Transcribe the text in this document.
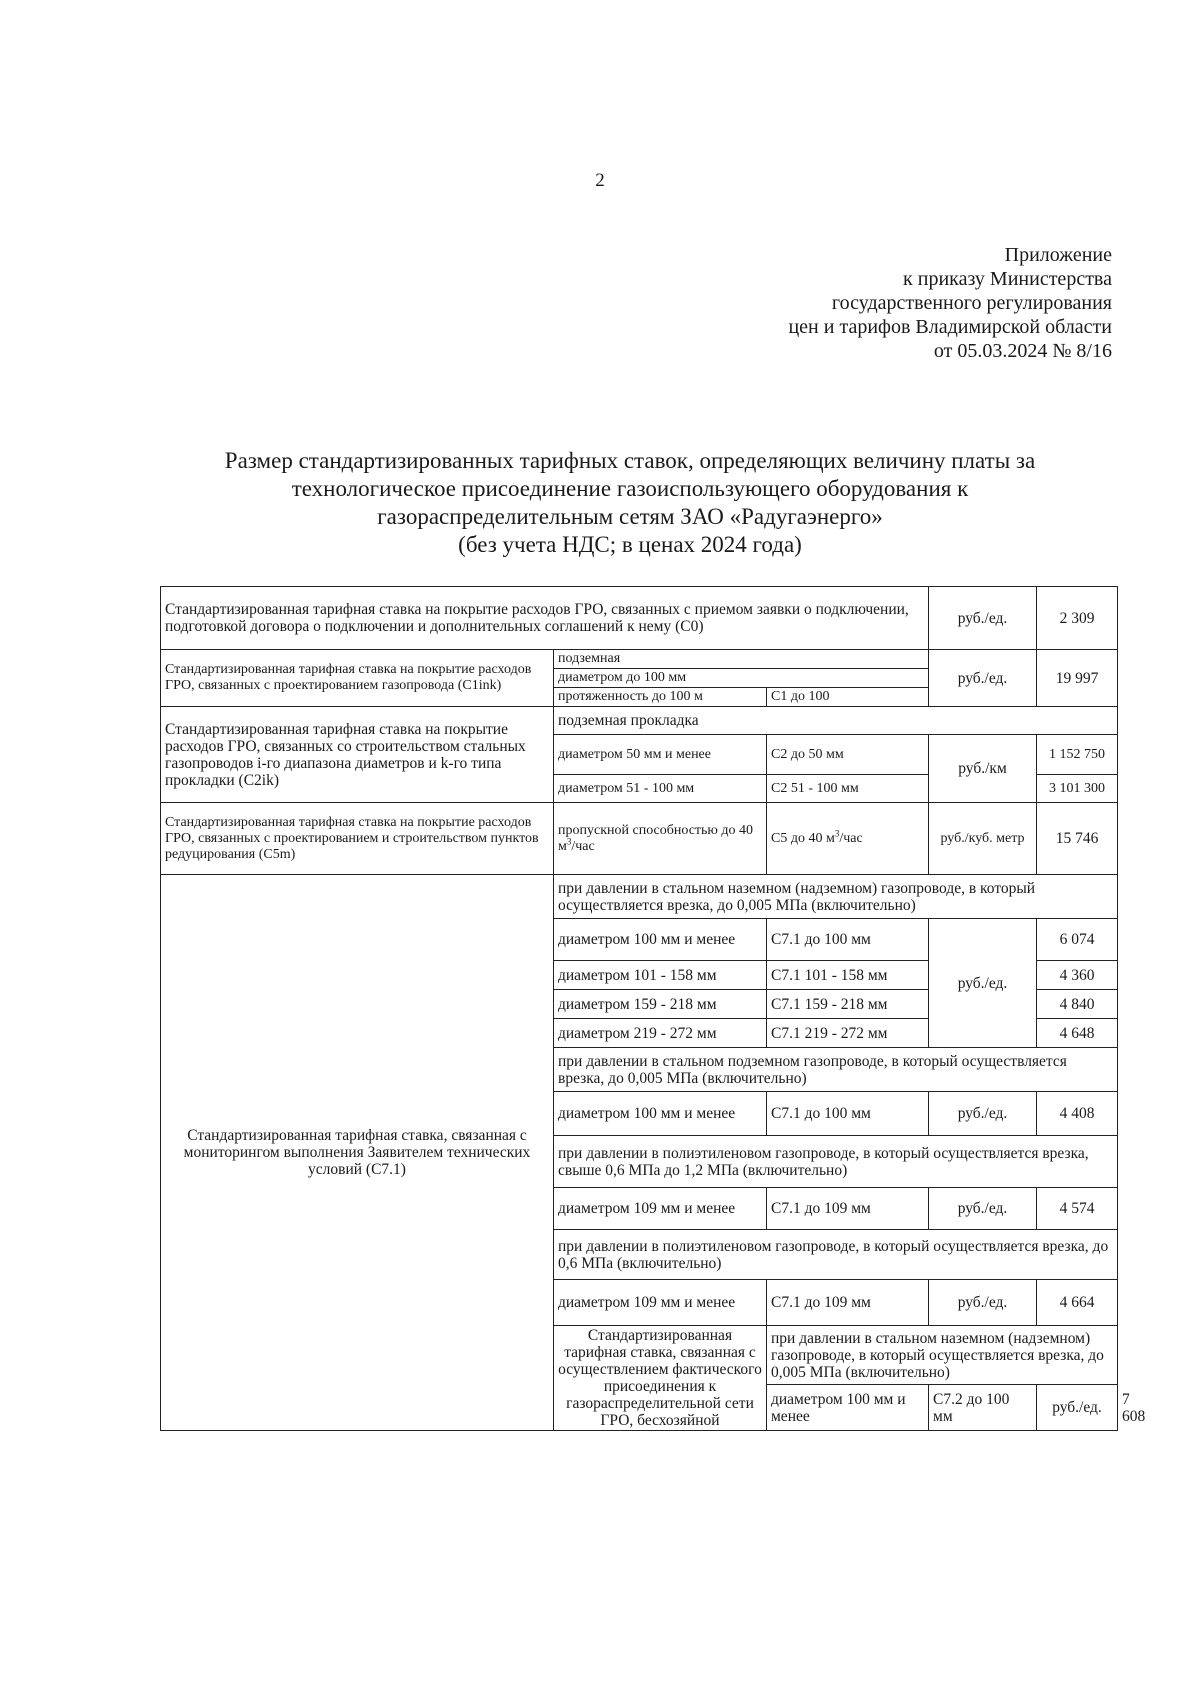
2
Приложение
к приказу Министерства
государственного регулирования
цен и тарифов Владимирской области
от 05.03.2024 № 8/16
Размер стандартизированных тарифных ставок, определяющих величину платы за
технологическое присоединение газоиспользующего оборудования к
газораспределительным сетям ЗАО «Радугаэнерго»
(без учета НДС; в ценах 2024 года)
Стандартизированная тарифная ставка на покрытие расходов ГРО, связанных с приемом заявки о подключении, подготовкой договора о подключении и дополнительных соглашений к нему (C0)			руб./ед.	2 309	
Стандартизированная тарифная ставка на покрытие расходов ГРО, связанных с проектированием газопровода (C1ink)	подземная		руб./ед.	19 997	
	диаметром до 100 мм				
	протяженность до 100 м	C1 до 100			
Стандартизированная тарифная ставка на покрытие расходов ГРО, связанных со строительством стальных газопроводов i-го диапазона диаметров и k-го типа прокладки (C2ik)	подземная прокладка				
	диаметром 50 мм и менее	C2 до 50 мм	руб./км	1 152 750	
	диаметром 51 - 100 мм	C2 51 - 100 мм		3 101 300	
Стандартизированная тарифная ставка на покрытие расходов ГРО, связанных с проектированием и строительством пунктов редуцирования (C5m)	пропускной способностью до 40 $м^3$/час	C5 до 40 $м^3$/час	руб./куб. метр	15 746	
Стандартизированная тарифная ставка, связанная с мониторингом выполнения Заявителем технических условий (C7.1)	при давлении в стальном наземном (надземном) газопроводе, в который осуществляется врезка, до 0,005 МПа (включительно)				
	диаметром 100 мм и менее	C7.1 до 100 мм	руб./ед.	6 074	
	диаметром 101 - 158 мм	C7.1 101 - 158 мм		4 360	
	диаметром 159 - 218 мм	C7.1 159 - 218 мм		4 840	
	диаметром 219 - 272 мм	C7.1 219 - 272 мм		4 648	
	при давлении в стальном подземном газопроводе, в который осуществляется врезка, до 0,005 МПа (включительно)				
	диаметром 100 мм и менее	C7.1 до 100 мм	руб./ед.	4 408	
	при давлении в полиэтиленовом газопроводе, в который осуществляется врезка, свыше 0,6 МПа до 1,2 МПа (включительно)				
	диаметром 109 мм и менее	C7.1 до 109 мм	руб./ед.	4 574	
	при давлении в полиэтиленовом газопроводе, в который осуществляется врезка, до 0,6 МПа (включительно)				
	диаметром 109 мм и менее	C7.1 до 109 мм	руб./ед.	4 664	
	Стандартизированная тарифная ставка, связанная с осуществлением фактического присоединения к газораспределительной сети ГРО, бесхозяйной	при давлении в стальном наземном (надземном) газопроводе, в который осуществляется врезка, до 0,005 МПа (включительно)			
		диаметром 100 мм и менее	C7.2 до 100 мм	руб./ед.	7 608
